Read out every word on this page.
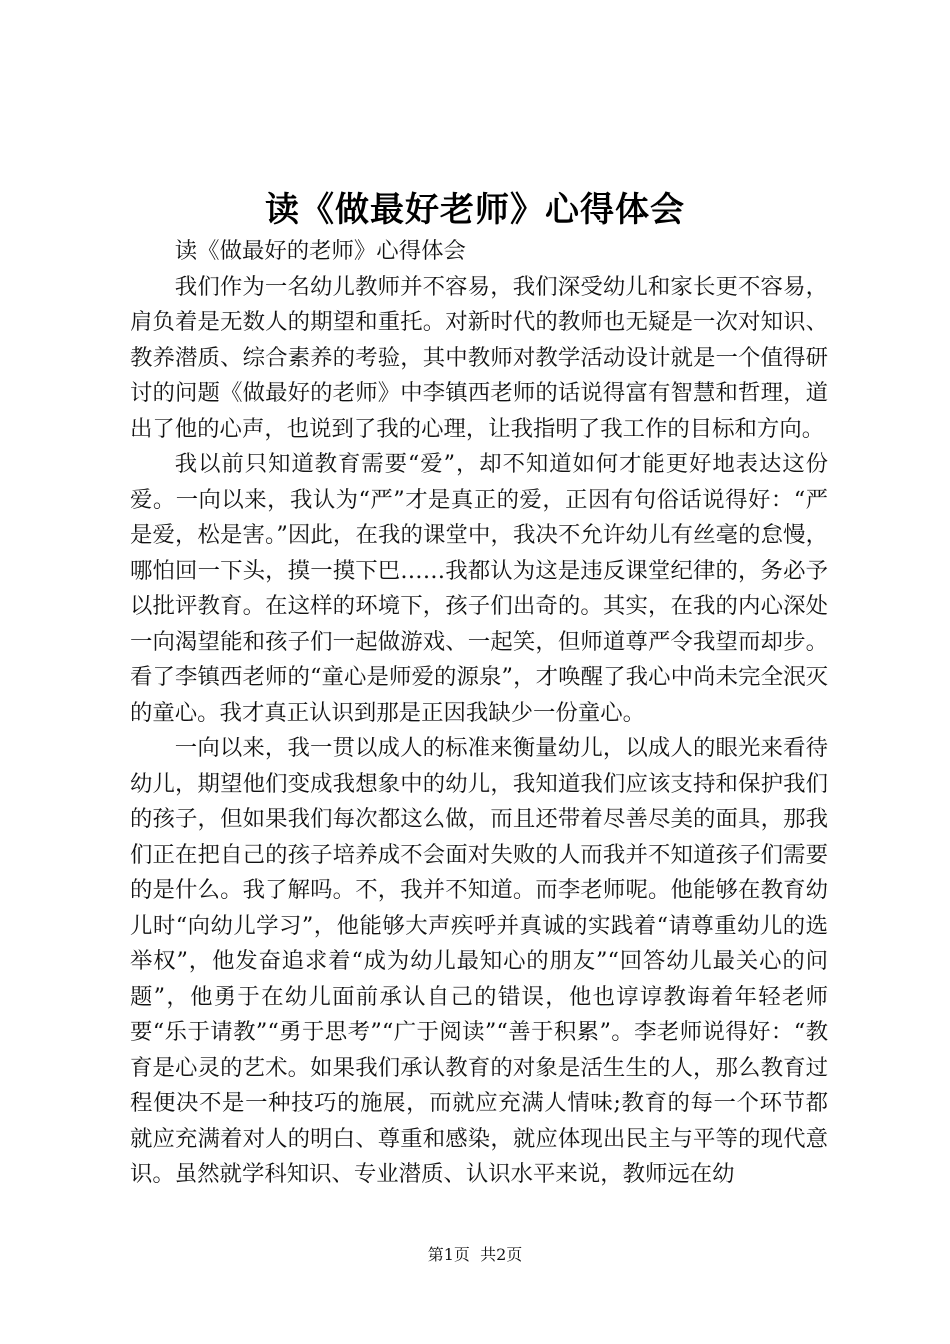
读《做最好老师》心得体会

读《做最好的老师》心得体会

我们作为一名幼儿教师并不容易，我们深受幼儿和家长更不容易，肩负着是无数人的期望和重托。对新时代的教师也无疑是一次对知识、教养潜质、综合素养的考验，其中教师对教学活动设计就是一个值得研讨的问题《做最好的老师》中李镇西老师的话说得富有智慧和哲理，道出了他的心声，也说到了我的心理，让我指明了我工作的目标和方向。

我以前只知道教育需要“爱”，却不知道如何才能更好地表达这份爱。一向以来，我认为“严”才是真正的爱，正因有句俗话说得好：“严是爱，松是害。”因此，在我的课堂中，我决不允许幼儿有丝毫的怠慢，哪怕回一下头，摸一摸下巴……我都认为这是违反课堂纪律的，务必予以批评教育。在这样的环境下，孩子们出奇的。其实，在我的内心深处一向渴望能和孩子们一起做游戏、一起笑，但师道尊严令我望而却步。看了李镇西老师的“童心是师爱的源泉”，才唤醒了我心中尚未完全泯灭的童心。我才真正认识到那是正因我缺少一份童心。

一向以来，我一贯以成人的标准来衡量幼儿，以成人的眼光来看待幼儿，期望他们变成我想象中的幼儿，我知道我们应该支持和保护我们的孩子，但如果我们每次都这么做，而且还带着尽善尽美的面具，那我们正在把自己的孩子培养成不会面对失败的人而我并不知道孩子们需要的是什么。我了解吗。不，我并不知道。而李老师呢。他能够在教育幼儿时“向幼儿学习”，他能够大声疾呼并真诚的实践着“请尊重幼儿的选举权”，他发奋追求着“成为幼儿最知心的朋友”“回答幼儿最关心的问题”，他勇于在幼儿面前承认自己的错误，他也谆谆教诲着年轻老师要“乐于请教”“勇于思考”“广于阅读”“善于积累”。李老师说得好：“教育是心灵的艺术。如果我们承认教育的对象是活生生的人，那么教育过程便决不是一种技巧的施展，而就应充满人情味;教育的每一个环节都就应充满着对人的明白、尊重和感染，就应体现出民主与平等的现代意识。虽然就学科知识、专业潜质、认识水平来说，教师远在幼

第1页  共2页
